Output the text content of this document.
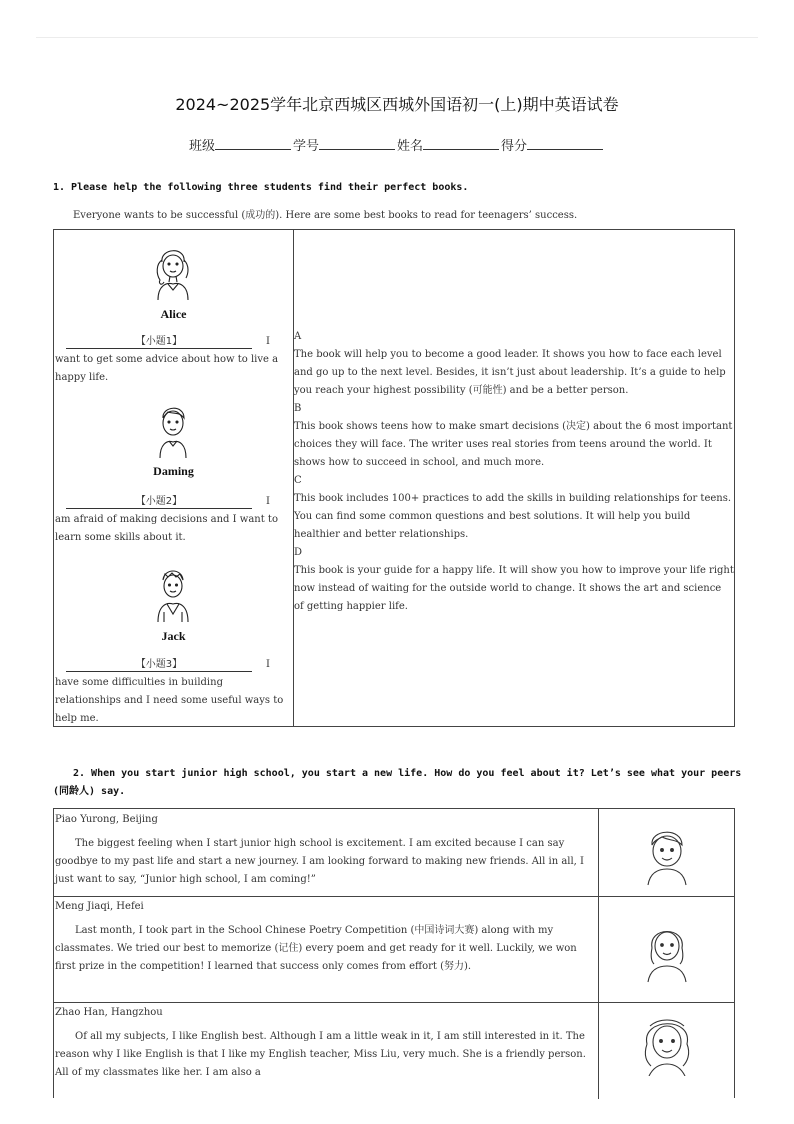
2024~2025学年北京西城区西城外国语初一(上)期中英语试卷
班级	学号	姓名	得分
1. Please help the following three students find their perfect books.
Everyone wants to be successful (成功的). Here are some best books to read for teenagers’ success.
Alice
【小题1】	I want to get some advice about how to live a happy life.
Daming
【小题2】	I am afraid of making decisions and I want to learn some skills about it.
Jack
【小题3】	I have some difficulties in building relationships and I need some useful ways to help me.

A

The book will help you to become a good leader. It shows you how to face each level and go up to the next level. Besides, it isn’t just about leadership. It’s a guide to help you reach your highest possibility (可能性) and be a better person.

B

This book shows teens how to make smart decisions (决定) about the 6 most important choices they will face. The writer uses real stories from teens around the world. It shows how to succeed in school, and much more.

C

This book includes 100+ practices to add the skills in building relationships for teens. You can find some common questions and best solutions. It will help you build healthier and better relationships.

D

This book is your guide for a happy life. It will show you how to improve your life right now instead of waiting for the outside world to change. It shows the art and science of getting happier life.

2. When you start junior high school, you start a new life. How do you feel about it? Let’s see what your peers (同龄人) say.
Piao Yurong, Beijing
The biggest feeling when I start junior high school is excitement. I am excited because I can say goodbye to my past life and start a new journey. I am looking forward to making new friends. All in all, I just want to say, “Junior high school, I am coming!”
Meng Jiaqi, Hefei
Last month, I took part in the School Chinese Poetry Competition (中国诗词大赛) along with my classmates. We tried our best to memorize (记住) every poem and get ready for it well. Luckily, we won first prize in the competition! I learned that success only comes from effort (努力).
Zhao Han, Hangzhou
Of all my subjects, I like English best. Although I am a little weak in it, I am still interested in it. The reason why I like English is that I like my English teacher, Miss Liu, very much. She is a friendly person. All of my classmates like her. I am also a
